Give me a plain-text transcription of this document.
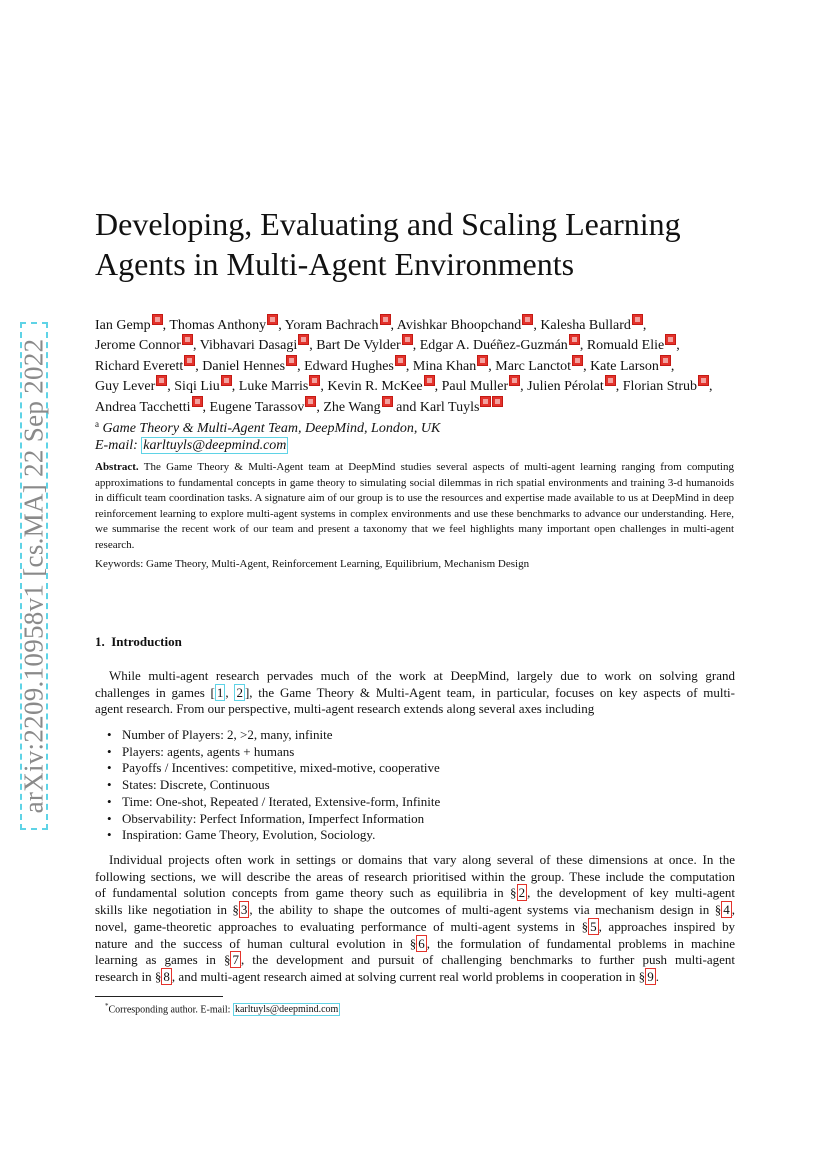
arXiv:2209.10958v1 [cs.MA] 22 Sep 2022
Developing, Evaluating and Scaling Learning
Agents in Multi-Agent Environments
Ian Gemp , Thomas Anthony , Yoram Bachrach , Avishkar Bhoopchand , Kalesha Bullard ,
Jerome Connor , Vibhavari Dasagi , Bart De Vylder , Edgar A. Duéñez-Guzmán , Romuald Elie ,
Richard Everett , Daniel Hennes , Edward Hughes , Mina Khan , Marc Lanctot , Kate Larson ,
Guy Lever , Siqi Liu , Luke Marris , Kevin R. McKee , Paul Muller , Julien Pérolat , Florian Strub ,
Andrea Tacchetti , Eugene Tarassov , Zhe Wang and Karl Tuyls
$^a$ Game Theory & Multi-Agent Team, DeepMind, London, UK
E-mail: karltuyls@deepmind.com
Abstract. The Game Theory & Multi-Agent team at DeepMind studies several aspects of multi-agent learning ranging from computing approximations to fundamental concepts in game theory to simulating social dilemmas in rich spatial environments and training 3-d humanoids in difficult team coordination tasks. A signature aim of our group is to use the resources and expertise made available to us at DeepMind in deep reinforcement learning to explore multi-agent systems in complex environments and use these benchmarks to advance our understanding. Here, we summarise the recent work of our team and present a taxonomy that we feel highlights many important open challenges in multi-agent research.
Keywords: Game Theory, Multi-Agent, Reinforcement Learning, Equilibrium, Mechanism Design
1. Introduction
While multi-agent research pervades much of the work at DeepMind, largely due to work on solving grand
challenges in games [ 1 , 2 ], the Game Theory & Multi-Agent team, in particular, focuses on key aspects of multi-
agent research. From our perspective, multi-agent research extends along several axes including
• Number of Players: 2, >2, many, infinite
• Players: agents, agents + humans
• Payoffs / Incentives: competitive, mixed-motive, cooperative
• States: Discrete, Continuous
• Time: One-shot, Repeated / Iterated, Extensive-form, Infinite
• Observability: Perfect Information, Imperfect Information
• Inspiration: Game Theory, Evolution, Sociology.
Individual projects often work in settings or domains that vary along several of these dimensions at once. In the
following sections, we will describe the areas of research prioritised within the group. These include the computation
of fundamental solution concepts from game theory such as equilibria in § 2 , the development of key multi-agent
skills like negotiation in § 3 , the ability to shape the outcomes of multi-agent systems via mechanism design in § 4 ,
novel, game-theoretic approaches to evaluating performance of multi-agent systems in § 5 , approaches inspired by
nature and the success of human cultural evolution in § 6 , the formulation of fundamental problems in machine
learning as games in § 7 , the development and pursuit of challenging benchmarks to further push multi-agent
research in § 8 , and multi-agent research aimed at solving current real world problems in cooperation in § 9 .
*Corresponding author. E-mail: karltuyls@deepmind.com
